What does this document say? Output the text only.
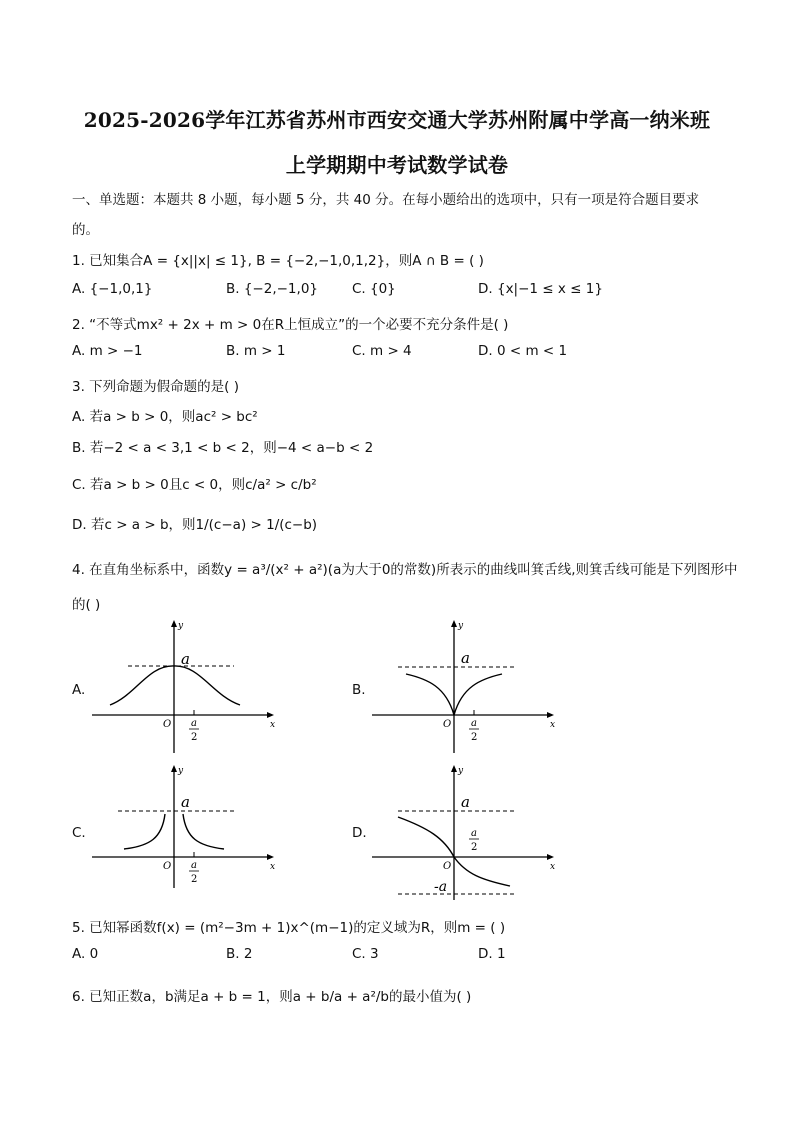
2025-2026学年江苏省苏州市西安交通大学苏州附属中学高一纳米班
上学期期中考试数学试卷
一、单选题：本题共 8 小题，每小题 5 分，共 40 分。在每小题给出的选项中，只有一项是符合题目要求
的。
1. 已知集合A = {x||x| ≤ 1}, B = {−2,−1,0,1,2}，则A ∩ B = ( )
A. {−1,0,1}	B. {−2,−1,0}	C. {0}	D. {x|−1 ≤ x ≤ 1}
2. “不等式mx² + 2x + m > 0在R上恒成立”的一个必要不充分条件是( )
A. m > −1	B. m > 1	C. m > 4	D. 0 < m < 1
3. 下列命题为假命题的是( )
A. 若a > b > 0，则ac² > bc²
B. 若−2 < a < 3,1 < b < 2，则−4 < a−b < 2
C. 若a > b > 0且c < 0，则c/a² > c/b²
D. 若c > a > b，则1/(c−a) > 1/(c−b)
4. 在直角坐标系中，函数y = a³/(x² + a²)(a为大于0的常数)所表示的曲线叫箕舌线,则箕舌线可能是下列图形中
的( )
A.
a
a
2
O	x
y
B.
a
a
2
O	x
y
C.
a
a
2
O	x
y
D.
a
a
2
O
-a
x
y
5. 已知幂函数f(x) = (m²−3m + 1)x^(m−1)的定义域为R，则m = ( )
A. 0	B. 2	C. 3	D. 1
6. 已知正数a，b满足a + b = 1，则a + b/a + a²/b的最小值为( )
